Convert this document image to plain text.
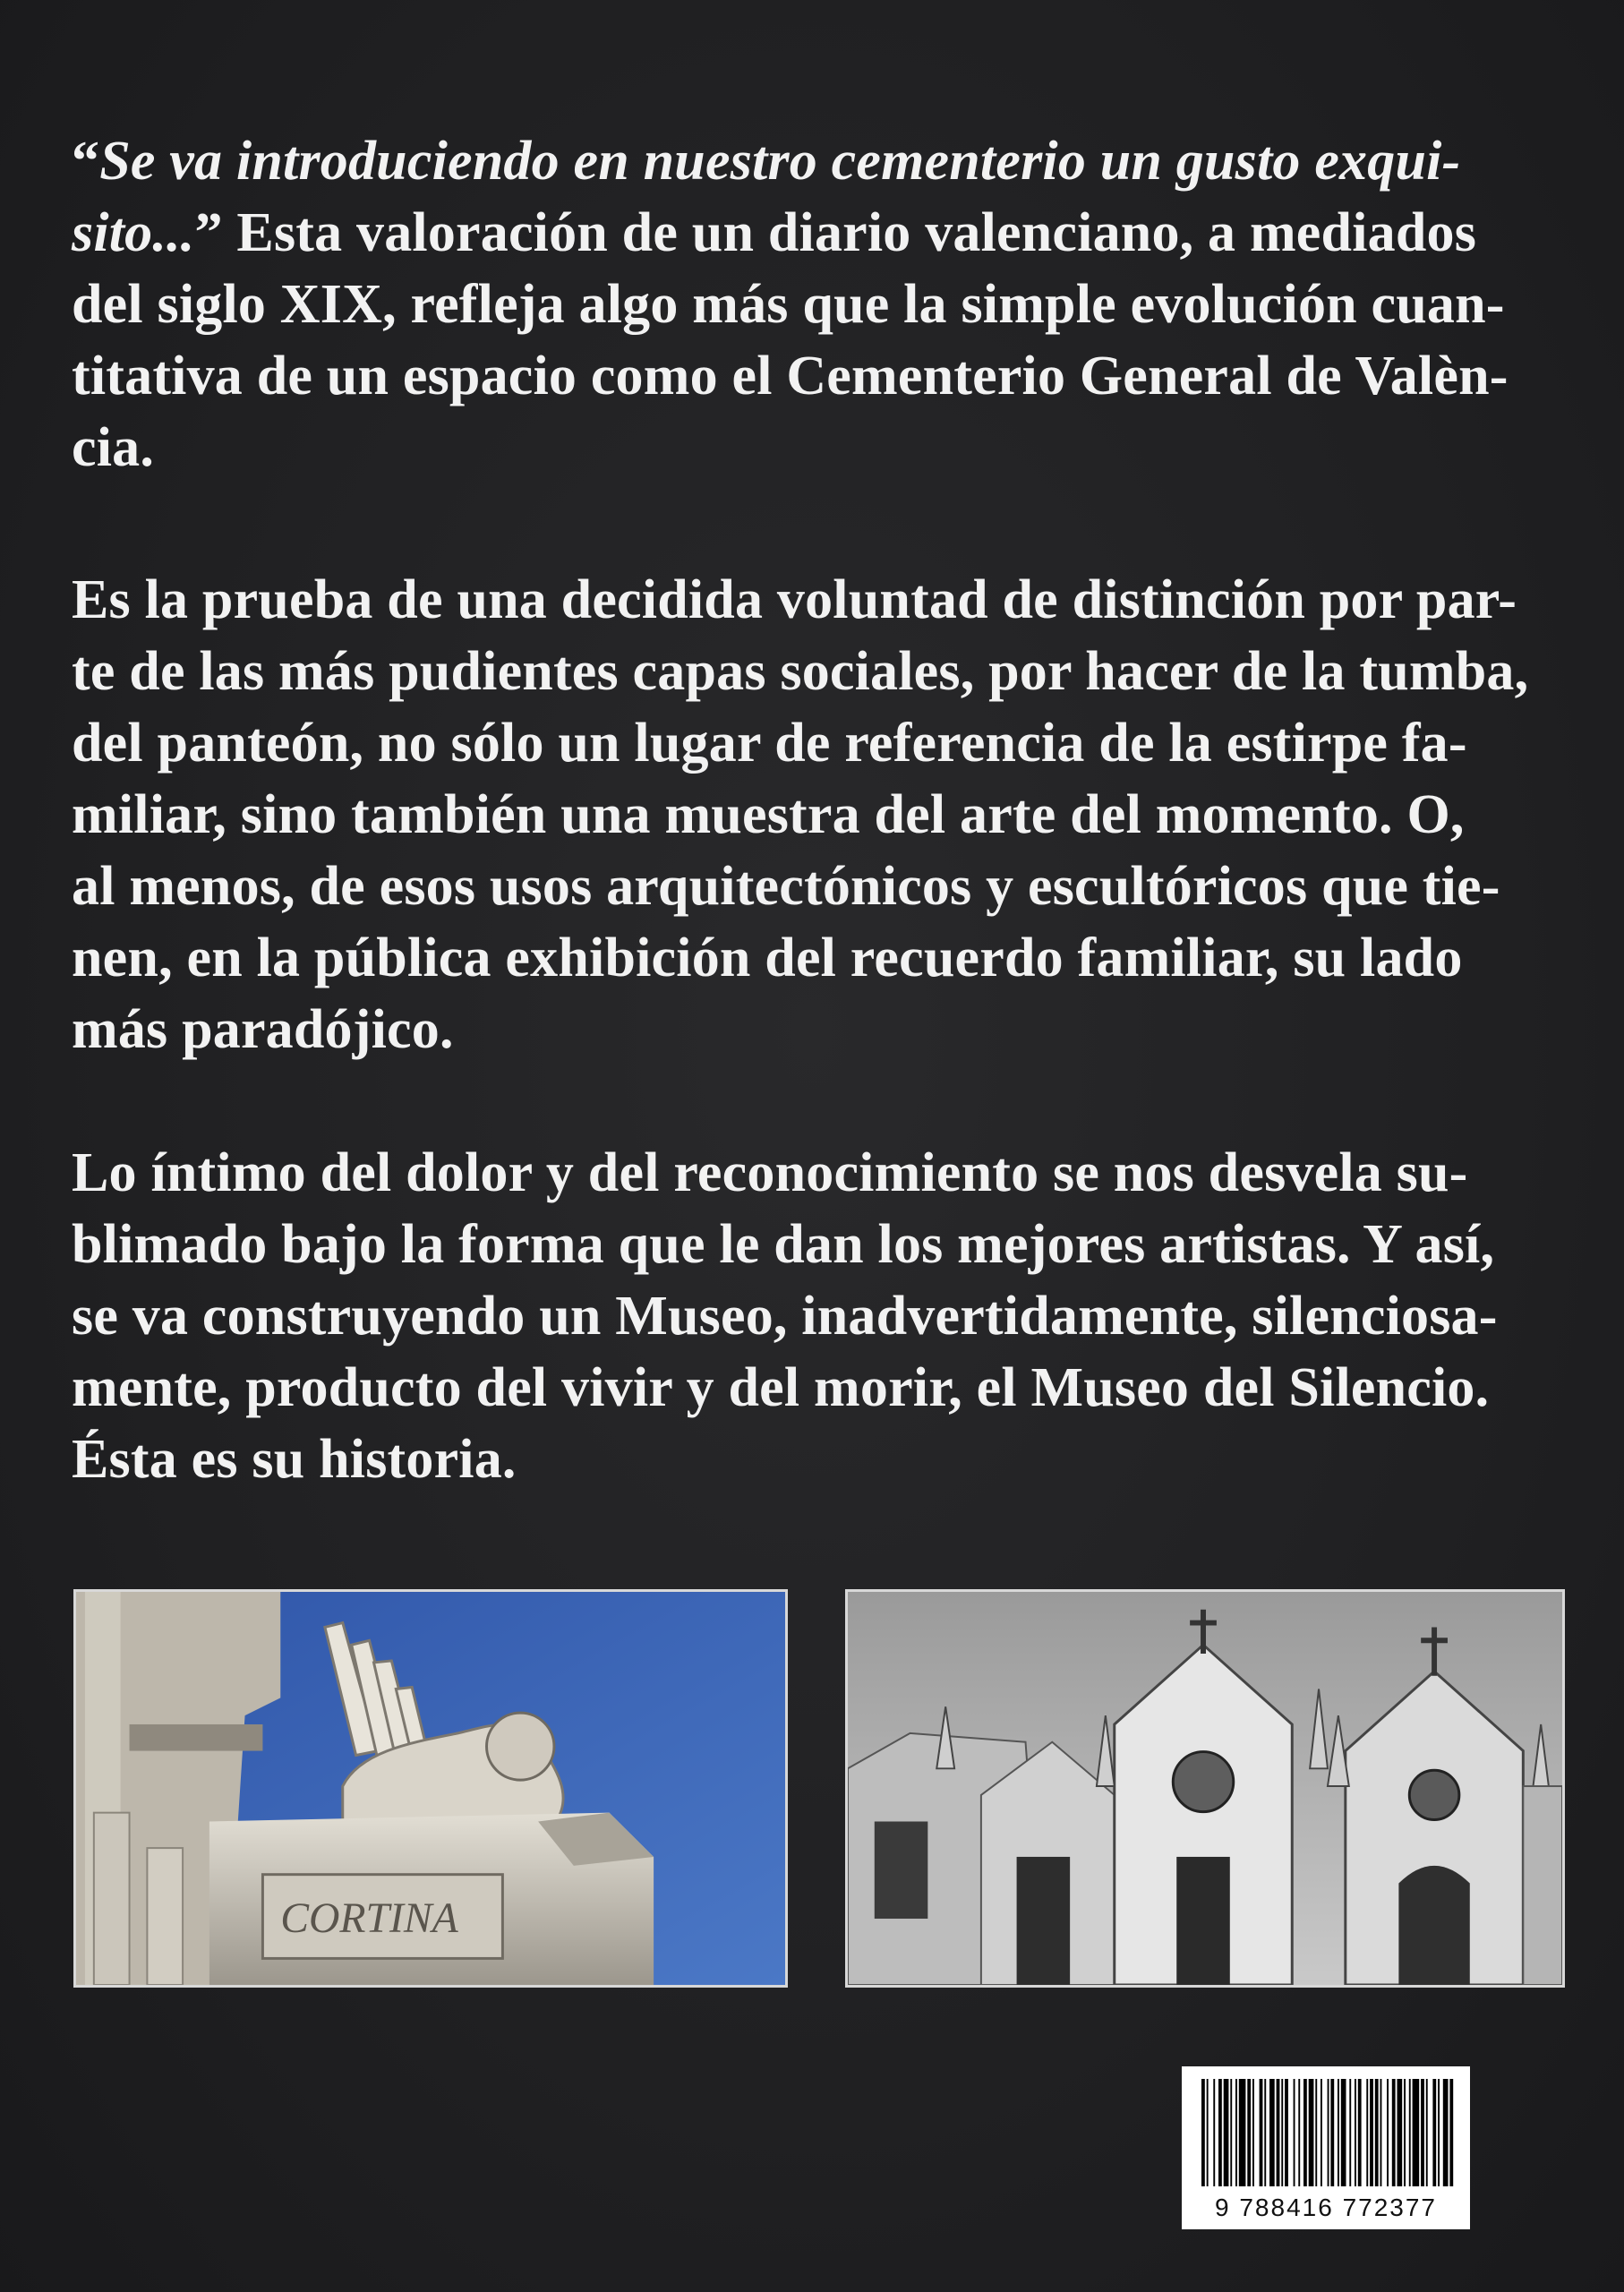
“Se va introduciendo en nuestro cementerio un gusto exqui-
sito...” Esta valoración de un diario valenciano, a mediados
del siglo XIX, refleja algo más que la simple evolución cuan-
titativa de un espacio como el Cementerio General de Valèn-
cia.
Es la prueba de una decidida voluntad de distinción por par-
te de las más pudientes capas sociales, por hacer de la tumba,
del panteón, no sólo un lugar de referencia de la estirpe fa-
miliar, sino también una muestra del arte del momento. O,
al menos, de esos usos arquitectónicos y escultóricos que tie-
nen, en la pública exhibición del recuerdo familiar, su lado
más paradójico.
Lo íntimo del dolor y del reconocimiento se nos desvela su-
blimado bajo la forma que le dan los mejores artistas. Y así,
se va construyendo un Museo, inadvertidamente, silenciosa-
mente, producto del vivir y del morir, el Museo del Silencio.
Ésta es su historia.
CORTINA
9 788416 772377
